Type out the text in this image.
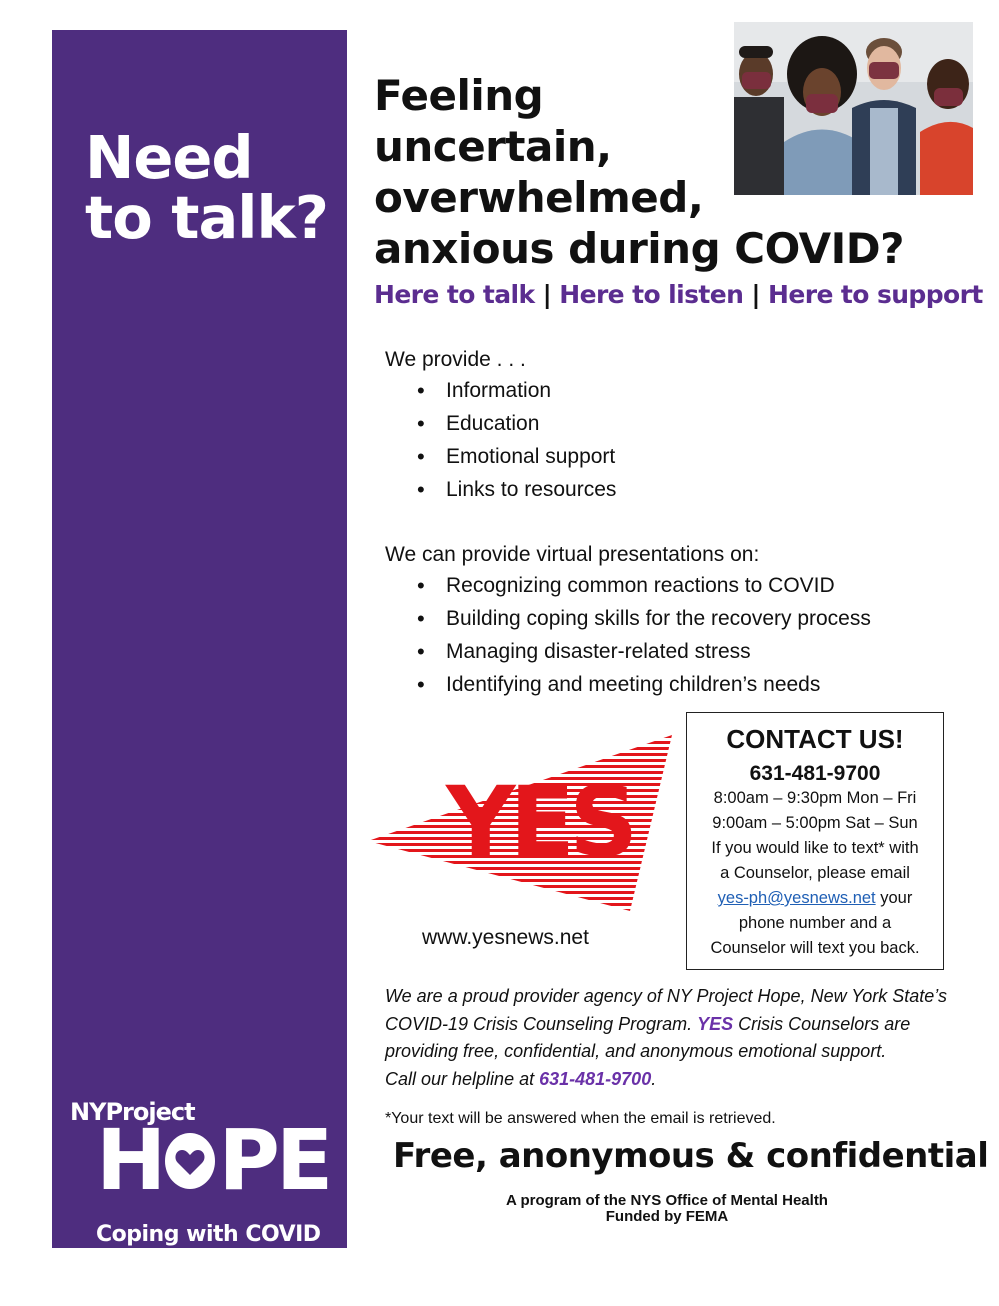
Need
to talk?
NYProject
H PE
Coping with COVID
Feeling
uncertain,
overwhelmed,
anxious during COVID?
Here to talk | Here to listen | Here to support

We provide . . .

• Information
• Education
• Emotional support
• Links to resources

We can provide virtual presentations on:

• Recognizing common reactions to COVID
• Building coping skills for the recovery process
• Managing disaster-related stress
• Identifying and meeting children’s needs
YES
www.yesnews.net
CONTACT US!
631-481-9700
8:00am – 9:30pm Mon – Fri
9:00am – 5:00pm Sat – Sun
If you would like to text* with
a Counselor, please email
yes-ph@yesnews.net your
phone number and a
Counselor will text you back.
We are a proud provider agency of NY Project Hope, New York State’s COVID-19 Crisis Counseling Program. YES Crisis Counselors are providing free, confidential, and anonymous emotional support.
Call our helpline at 631-481-9700.
*Your text will be answered when the email is retrieved.
Free, anonymous & confidential
A program of the NYS Office of Mental Health
Funded by FEMA
